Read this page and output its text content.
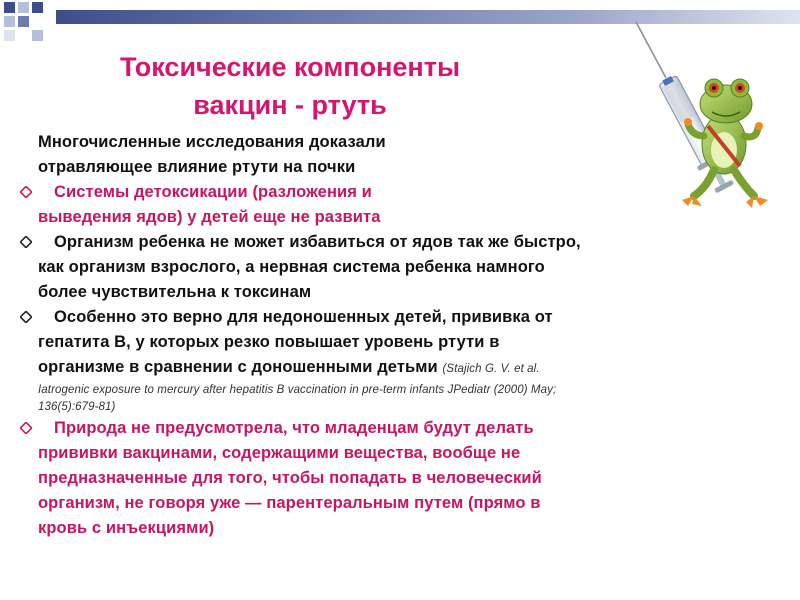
Токсические компоненты
вакцин - ртуть
Многочисленные исследования доказали
отравляющее влияние ртути на почки
Системы детоксикации (разложения и
выведения ядов) у детей еще не развита
Организм ребенка не может избавиться от ядов так же быстро,
как организм взрослого, а нервная система ребенка намного
более чувствительна к токсинам
Особенно это верно для недоношенных детей, прививка от
гепатита В, у которых резко повышает уровень ртути в
организме в сравнении с доношенными детьми (Stajich G. V. et al.
Iatrogenic exposure to mercury after hepatitis B vaccination in pre-term infants JPediatr (2000) May;
136(5):679-81)
Природа не предусмотрела, что младенцам будут делать
прививки вакцинами, содержащими вещества, вообще не
предназначенные для того, чтобы попадать в человеческий
организм, не говоря уже — парентеральным путем (прямо в
кровь с инъекциями)
